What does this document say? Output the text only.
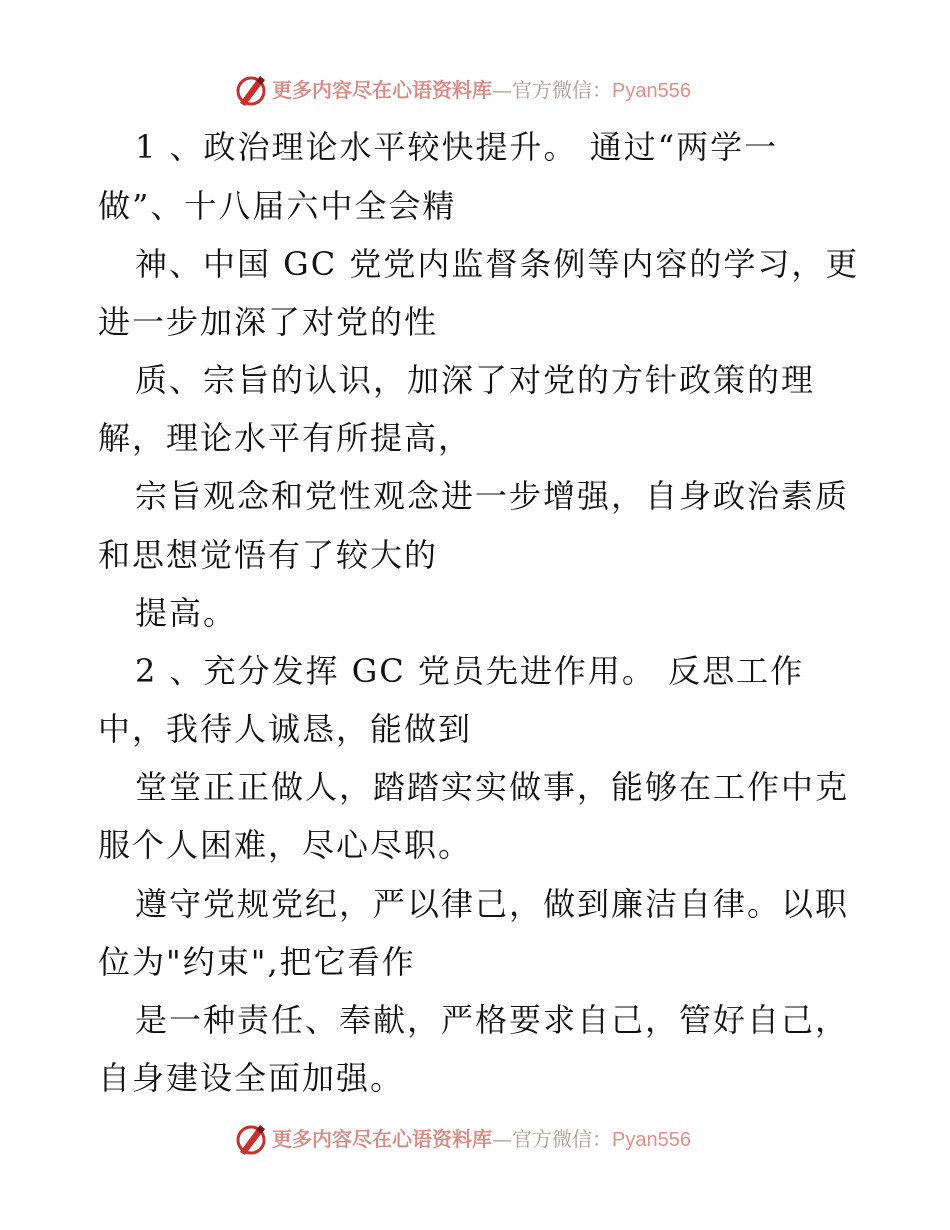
更多内容尽在心语资料库—官方微信：Pyan556
1 、政治理论水平较快提升。 通过“两学一
做”、十八届六中全会精
神、中国 GC 党党内监督条例等内容的学习，更
进一步加深了对党的性
质、宗旨的认识，加深了对党的方针政策的理
解，理论水平有所提高，
宗旨观念和党性观念进一步增强，自身政治素质
和思想觉悟有了较大的
提高。
2 、充分发挥 GC 党员先进作用。 反思工作
中，我待人诚恳，能做到
堂堂正正做人，踏踏实实做事，能够在工作中克
服个人困难，尽心尽职。
遵守党规党纪，严以律己，做到廉洁自律。以职
位为"约束",把它看作
是一种责任、奉献，严格要求自己，管好自己，
自身建设全面加强。
更多内容尽在心语资料库—官方微信：Pyan556
